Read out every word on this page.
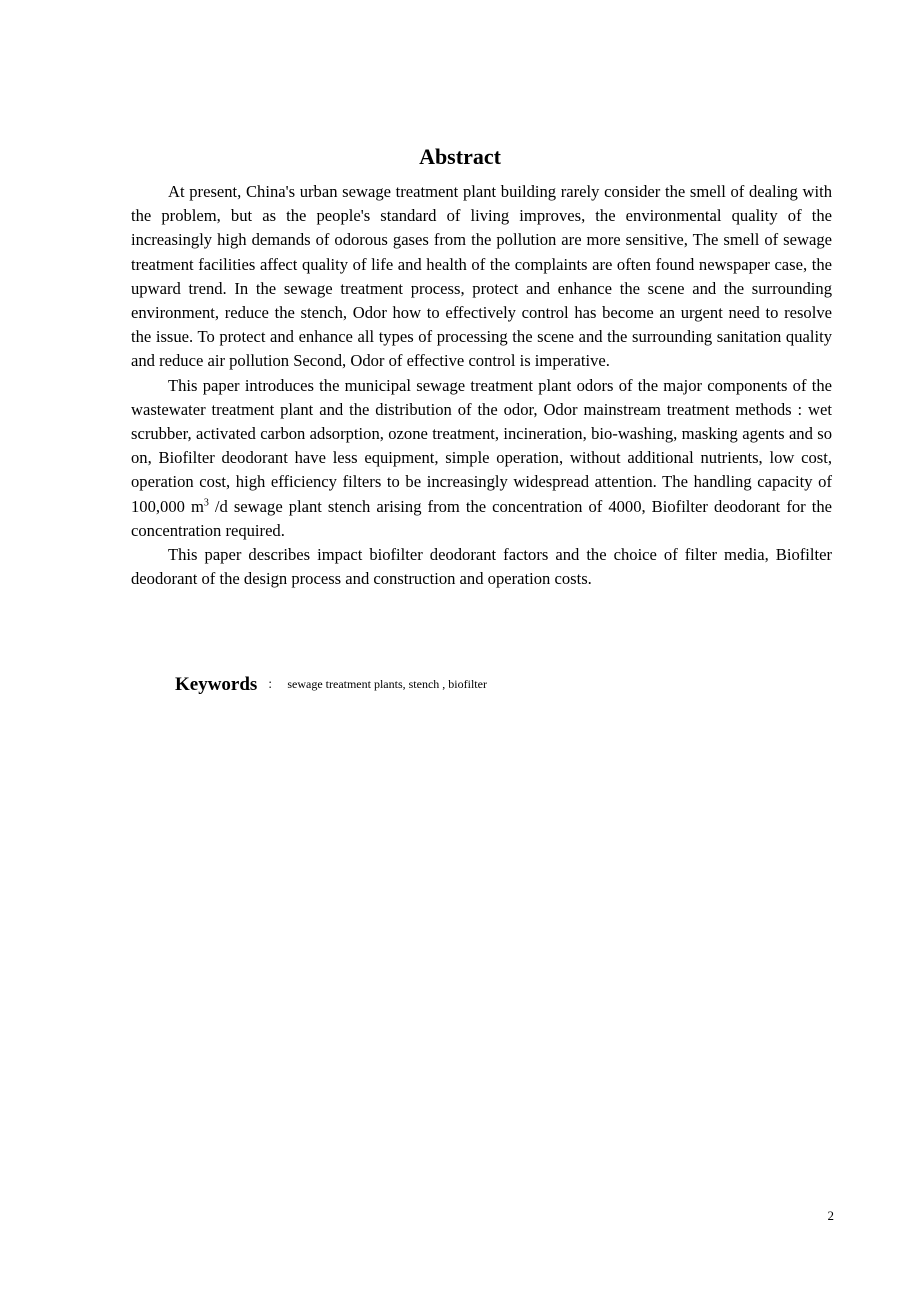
Abstract

At present, China's urban sewage treatment plant building rarely consider the smell of dealing with the problem, but as the people's standard of living improves, the environmental quality of the increasingly high demands of odorous gases from the pollution are more sensitive, The smell of sewage treatment facilities affect quality of life and health of the complaints are often found newspaper case, the upward trend. In the sewage treatment process, protect and enhance the scene and the surrounding environment, reduce the stench, Odor how to effectively control has become an urgent need to resolve the issue. To protect and enhance all types of processing the scene and the surrounding sanitation quality and reduce air pollution Second, Odor of effective control is imperative.

This paper introduces the municipal sewage treatment plant odors of the major components of the wastewater treatment plant and the distribution of the odor, Odor mainstream treatment methods : wet scrubber, activated carbon adsorption, ozone treatment, incineration, bio-washing, masking agents and so on, Biofilter deodorant have less equipment, simple operation, without additional nutrients, low cost, operation cost, high efficiency filters to be increasingly widespread attention. The handling capacity of 100,000 $m^3$ /d sewage plant stench arising from the concentration of 4000, Biofilter deodorant for the concentration required.

This paper describes impact biofilter deodorant factors and the choice of filter media, Biofilter deodorant of the design process and construction and operation costs.

Keywords ： sewage treatment plants, stench , biofilter
2
